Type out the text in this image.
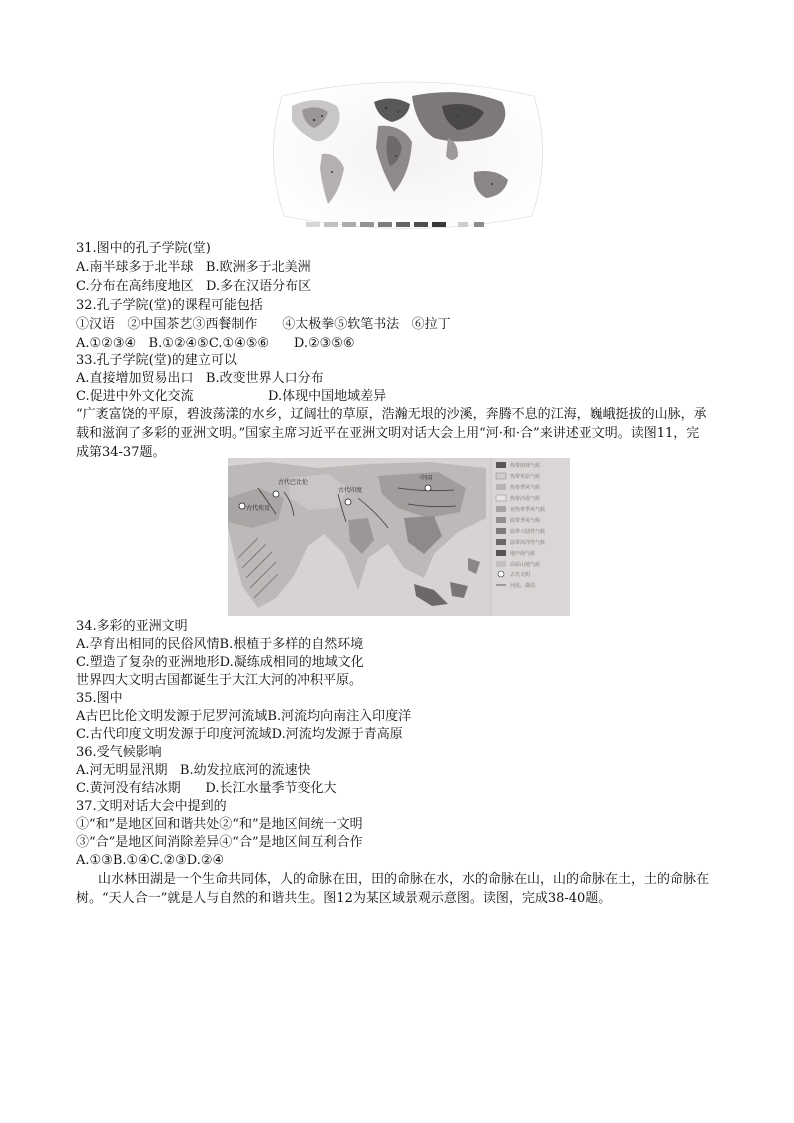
31.图中的孔子学院(堂)
A.南半球多于北半球   B.欧洲多于北美洲
C.分布在高纬度地区   D.多在汉语分布区
32.孔子学院(堂)的课程可能包括
①汉语   ②中国茶艺③西餐制作      ④太极拳⑤软笔书法   ⑥拉丁
A.①②③④   B.①②④⑤C.①④⑤⑥      D.②③⑤⑥
33.孔子学院(堂)的建立可以
A.直接增加贸易出口   B.改变世界人口分布
C.促进中外文化交流                  D.体现中国地域差异
“广袤富饶的平原，碧波荡漾的水乡，辽阔壮的草原，浩瀚无垠的沙溪，奔腾不息的江海，巍峨挺拔的山脉，承载和滋润了多彩的亚洲文明。”国家主席习近平在亚洲文明对话大会上用“河·和·合”来讲述亚文明。读图11，完成第34-37题。
古代巴比伦
古代埃及
古代印度
中国
热带雨林气候
热带草原气候
热带季风气候
热带沙漠气候
亚热带季风气候
温带季风气候
温带大陆性气候
温带海洋性气候
地中海气候
高原山地气候
古代文明
河流、湖泊
34.多彩的亚洲文明
A.孕育出相同的民俗风情B.根植于多样的自然环境
C.塑造了复杂的亚洲地形D.凝练成相同的地域文化
世界四大文明古国都诞生于大江大河的冲积平原。
35.图中
A古巴比伦文明发源于尼罗河流域B.河流均向南注入印度洋
C.古代印度文明发源于印度河流域D.河流均发源于青高原
36.受气候影响
A.河无明显汛期   B.幼发拉底河的流速快
C.黄河没有结冰期      D.长江水量季节变化大
37.文明对话大会中提到的
①“和”是地区回和谐共处②“和”是地区间统一文明
③“合”是地区间消除差异④“合”是地区间互利合作
A.①③B.①④C.②③D.②④
山水林田湖是一个生命共同体，人的命脉在田，田的命脉在水，水的命脉在山，山的命脉在土，土的命脉在树。“天人合一”就是人与自然的和谐共生。图12为某区域景观示意图。读图，完成38-40题。
